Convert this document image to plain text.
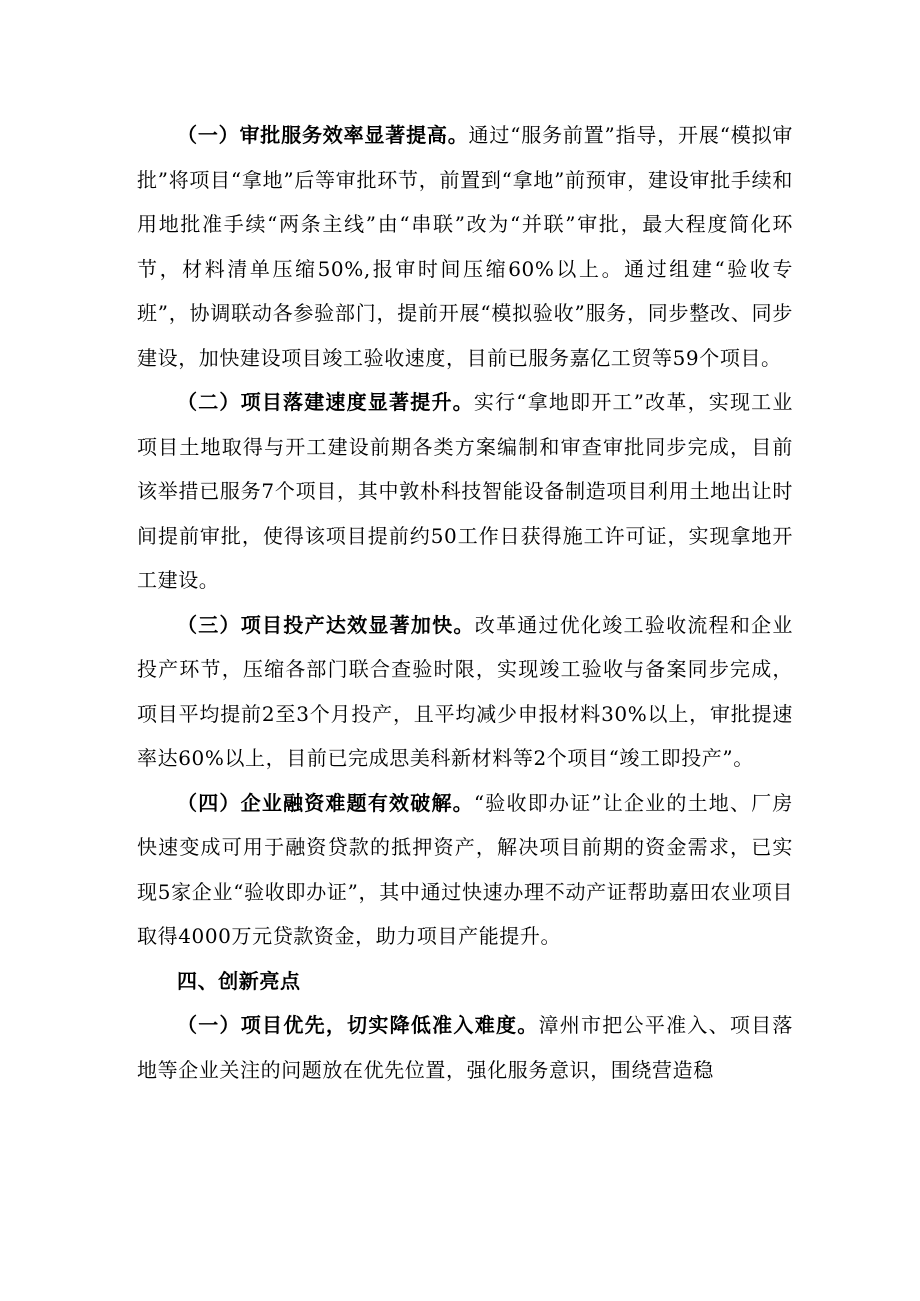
（一）审批服务效率显著提高。通过“服务前置”指导，开展“模拟审批”将项目“拿地”后等审批环节，前置到“拿地”前预审，建设审批手续和用地批准手续“两条主线”由“串联”改为“并联”审批，最大程度简化环节，材料清单压缩50%,报审时间压缩60%以上。通过组建“验收专班”，协调联动各参验部门，提前开展“模拟验收”服务，同步整改、同步建设，加快建设项目竣工验收速度，目前已服务嘉亿工贸等59个项目。

（二）项目落建速度显著提升。实行“拿地即开工”改革，实现工业项目土地取得与开工建设前期各类方案编制和审查审批同步完成，目前该举措已服务7个项目，其中敦朴科技智能设备制造项目利用土地出让时间提前审批，使得该项目提前约50工作日获得施工许可证，实现拿地开工建设。

（三）项目投产达效显著加快。改革通过优化竣工验收流程和企业投产环节，压缩各部门联合查验时限，实现竣工验收与备案同步完成，项目平均提前2至3个月投产，且平均减少申报材料30%以上，审批提速率达60%以上，目前已完成思美科新材料等2个项目“竣工即投产”。

（四）企业融资难题有效破解。“验收即办证”让企业的土地、厂房快速变成可用于融资贷款的抵押资产，解决项目前期的资金需求，已实现5家企业“验收即办证”，其中通过快速办理不动产证帮助嘉田农业项目取得4000万元贷款资金，助力项目产能提升。

四、创新亮点

（一）项目优先，切实降低准入难度。漳州市把公平准入、项目落地等企业关注的问题放在优先位置，强化服务意识，围绕营造稳
